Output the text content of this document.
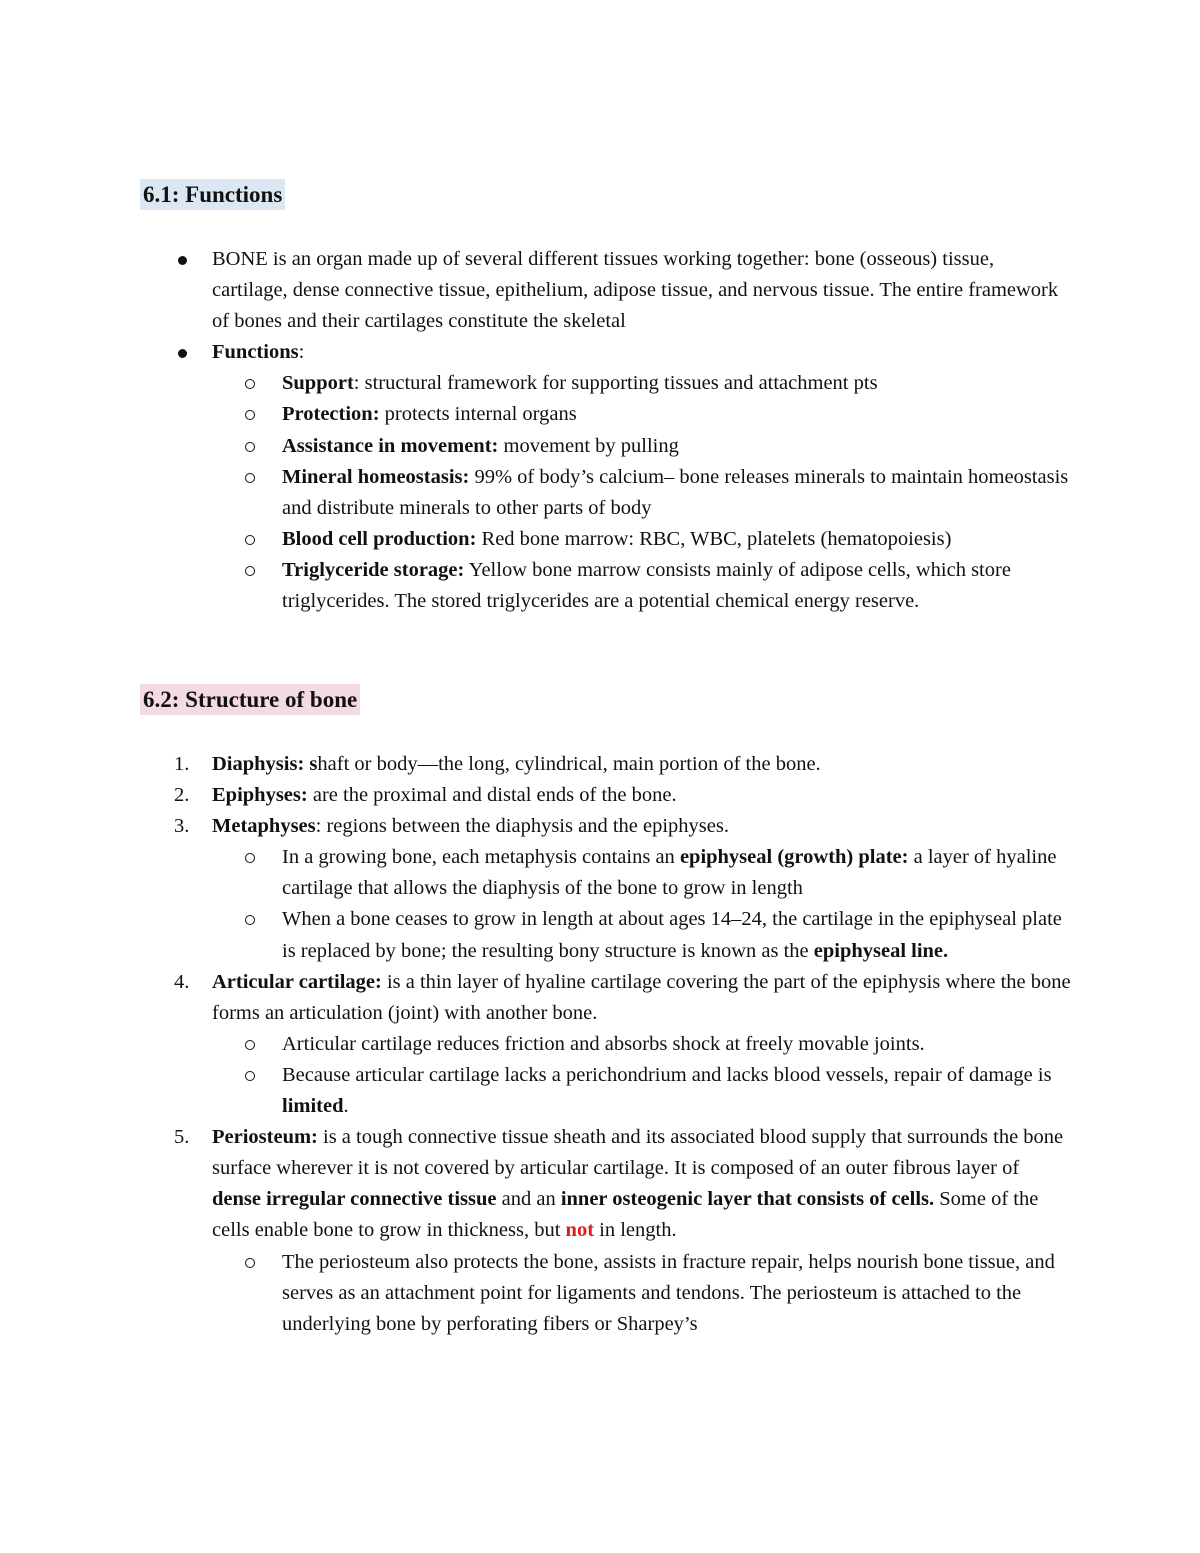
6.1: Functions
BONE is an organ made up of several different tissues working together: bone (osseous) tissue, cartilage, dense connective tissue, epithelium, adipose tissue, and nervous tissue. The entire framework of bones and their cartilages constitute the skeletal
Functions:
Support: structural framework for supporting tissues and attachment pts
Protection: protects internal organs
Assistance in movement: movement by pulling
Mineral homeostasis: 99% of body’s calcium– bone releases minerals to maintain homeostasis and distribute minerals to other parts of body
Blood cell production: Red bone marrow: RBC, WBC, platelets (hematopoiesis)
Triglyceride storage: Yellow bone marrow consists mainly of adipose cells, which store triglycerides. The stored triglycerides are a potential chemical energy reserve.
6.2: Structure of bone
1.	Diaphysis: shaft or body—the long, cylindrical, main portion of the bone.
2.	Epiphyses: are the proximal and distal ends of the bone.
3.	Metaphyses: regions between the diaphysis and the epiphyses.
In a growing bone, each metaphysis contains an epiphyseal (growth) plate: a layer of hyaline cartilage that allows the diaphysis of the bone to grow in length
When a bone ceases to grow in length at about ages 14–24, the cartilage in the epiphyseal plate is replaced by bone; the resulting bony structure is known as the epiphyseal line.
4.	Articular cartilage: is a thin layer of hyaline cartilage covering the part of the epiphysis where the bone forms an articulation (joint) with another bone.
Articular cartilage reduces friction and absorbs shock at freely movable joints.
Because articular cartilage lacks a perichondrium and lacks blood vessels, repair of damage is limited.
5.	Periosteum: is a tough connective tissue sheath and its associated blood supply that surrounds the bone surface wherever it is not covered by articular cartilage. It is composed of an outer fibrous layer of dense irregular connective tissue and an inner osteogenic layer that consists of cells. Some of the cells enable bone to grow in thickness, but not in length.
The periosteum also protects the bone, assists in fracture repair, helps nourish bone tissue, and serves as an attachment point for ligaments and tendons. The periosteum is attached to the underlying bone by perforating fibers or Sharpey’s
